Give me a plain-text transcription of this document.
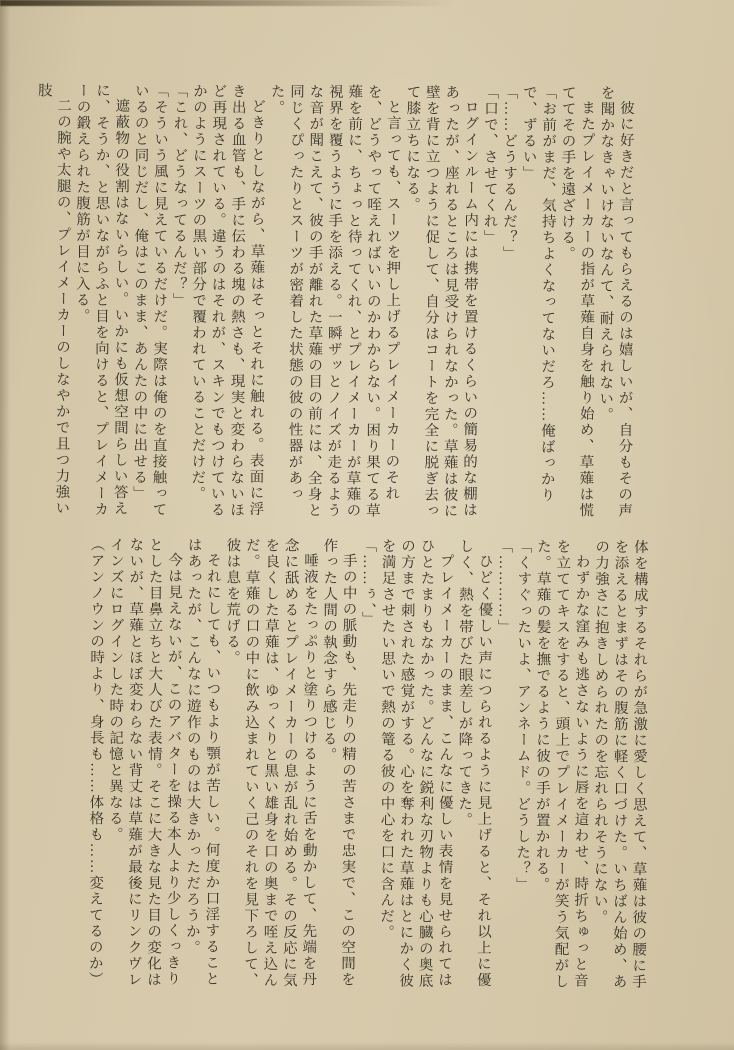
彼に好きだと言ってもらえるのは嬉しいが、自分もその声を聞かなきゃいけないなんて、耐えられない。

またプレイメーカーの指が草薙自身を触り始め、草薙は慌ててその手を遠ざける。

「お前がまだ、気持ちよくなってないだろ……俺ばっかりで、ずるい」

「……どうするんだ？」

「口で、させてくれ」

ログインルーム内には携帯を置けるくらいの簡易的な棚はあったが、座れるところは見受けられなかった。草薙は彼に壁を背に立つように促して、自分はコートを完全に脱ぎ去って膝立ちになる。

と言っても、スーツを押し上げるプレイメーカーのそれを、どうやって咥えればいいのかわからない。困り果てる草薙を前に、ちょっと待ってくれ、とプレイメーカーが草薙の視界を覆うように手を添える。一瞬ザッとノイズが走るような音が聞こえて、彼の手が離れた草薙の目の前には、全身と同じくぴったりとスーツが密着した状態の彼の性器があった。

どきりとしながら、草薙はそっとそれに触れる。表面に浮き出る血管も、手に伝わる塊の熱さも、現実と変わらないほど再現されている。違うのはそれが、スキンでもつけているかのようにスーツの黒い部分で覆われていることだけだ。

「これ、どうなってるんだ？」

「そういう風に見えているだけだ。実際は俺のを直接触っているのと同じだし、俺はこのまま、あんたの中に出せる」

遮蔽物の役割はないらしい。いかにも仮想空間らしい答えに、そうか、と思いながらふと目を向けると、プレイメーカーの鍛えられた腹筋が目に入る。

二の腕や太腿の、プレイメーカーのしなやかで且つ力強い肢

体を構成するそれらが急激に愛しく思えて、草薙は彼の腰に手を添えるとまずはその腹筋に軽く口づけた。いちばん始め、あの力強さに抱きしめられたのを忘れられそうにない。

わずかな窪みも逃さないように唇を這わせ、時折ちゅっと音を立ててキスをすると、頭上でプレイメーカーが笑う気配がした。草薙の髪を撫でるように彼の手が置かれる。

「くすぐったいよ、アンネームド。どうした？」

「…………」

ひどく優しい声につられるように見上げると、それ以上に優しく、熱を帯びた眼差しが降ってきた。

プレイメーカーのまま、こんなに優しい表情を見せられてはひとたまりもなかった。どんなに鋭利な刃物よりも心臓の奥底の方まで刺された感覚がする。心を奪われた草薙はとにかく彼を満足させたい思いで熱の篭る彼の中心を口に含んだ。

「……ぅ、」

手の中の脈動も、先走りの精の苦さまで忠実で、この空間を作った人間の執念すら感じる。

唾液をたっぷりと塗りつけるように舌を動かして、先端を丹念に舐めるとプレイメーカーの息が乱れ始める。その反応に気を良くした草薙は、ゆっくりと黒い雄身を口の奥まで咥え込んだ。草薙の口の中に飲み込まれていく己のそれを見下ろして、彼は息を荒げる。

それにしても、いつもより顎が苦しい。何度か口淫することはあったが、こんなに遊作のものは大きかっただろうか。

今は見えないが、このアバターを操る本人より少しくっきりとした目鼻立ちと大人びた表情。そこに大きな見た目の変化はないが、草薙とほぼ変わらない背丈は草薙が最後にリンクヴレインズにログインした時の記憶と異なる。

（アンノウンの時より、身長も……体格も……変えてるのか）
